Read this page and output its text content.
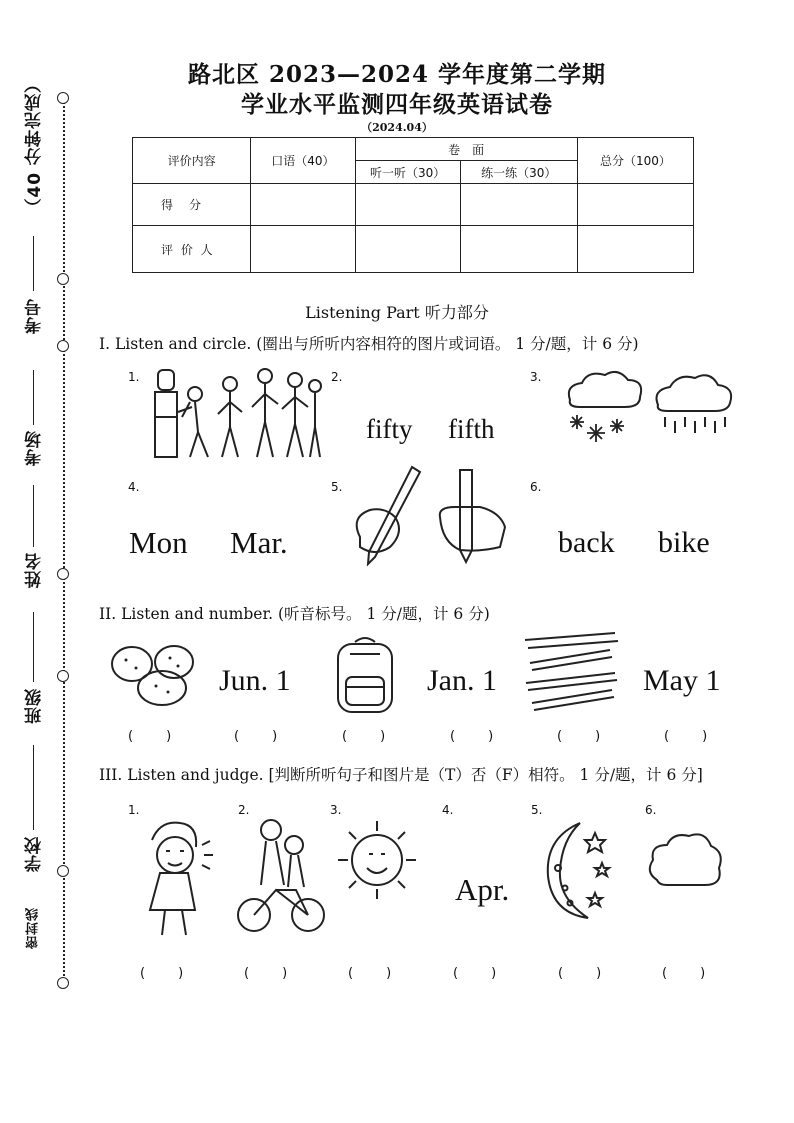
（40 分钟完成）
考号
考场
姓名
班级
学校
密封线
路北区 2023—2024 学年度第二学期
学业水平监测四年级英语试卷
（2024.04）
评价内容	口语（40）	卷　面		总分（100）
		听一听（30）	练一练（30）	
得　分				
评 价 人				
Listening Part 听力部分
I. Listen and circle. (圈出与所听内容相符的图片或词语。 1 分/题，计 6 分)
1.	2.
fifty fifth
3.
4.
Mon Mar.
5.	6.
back bike
II. Listen and number. (听音标号。 1 分/题，计 6 分)
Jun. 1	Jan. 1	May 1
(　)	(　)	(　)	(　)	(　)	(　)
III. Listen and judge. [判断所听句子和图片是（T）否（F）相符。 1 分/题，计 6 分]
1.	2.	3.	4.
Apr.
5.	6.
(　)	(　)	(　)	(　)	(　)	(　)
